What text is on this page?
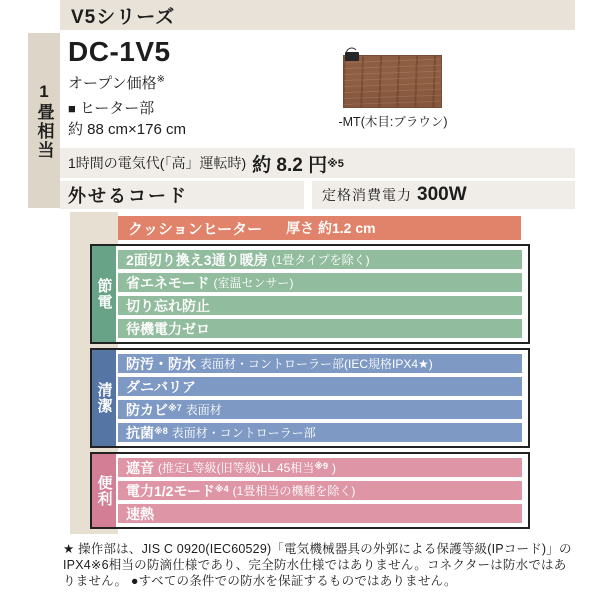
V5シリーズ
1畳相当
DC-1V5
オープン価格※
■ ヒーター部
約 88 cm×176 cm	-MT(木目:ブラウン)
1時間の電気代(「高」運転時) 約 8.2 円 ※5
外せるコード	定格消費電力 300W
クッションヒーター 厚さ 約1.2 cm
節電
2面切り換え3通り暖房 (1畳タイプを除く)
省エネモード (室温センサー)
切り忘れ防止
待機電力ゼロ
清潔
防汚・防水 表面材・コントローラー部(IEC規格IPX4★)
ダニバリア
防カビ$^{※7}$ 表面材
抗菌$^{※8}$ 表面材・コントローラー部
便利
遮音 (推定L等級(旧等級)LL 45相当$^{※9}$ )
電力1/2モード$^{※4}$ (1畳相当の機種を除く)
速熱
★ 操作部は、JIS C 0920(IEC60529)「電気機械器具の外郭による保護等級(IPコード)」のIPX4※6相当の防滴仕様であり、完全防水仕様ではありません。コネクターは防水ではありません。 ●すべての条件での防水を保証するものではありません。
